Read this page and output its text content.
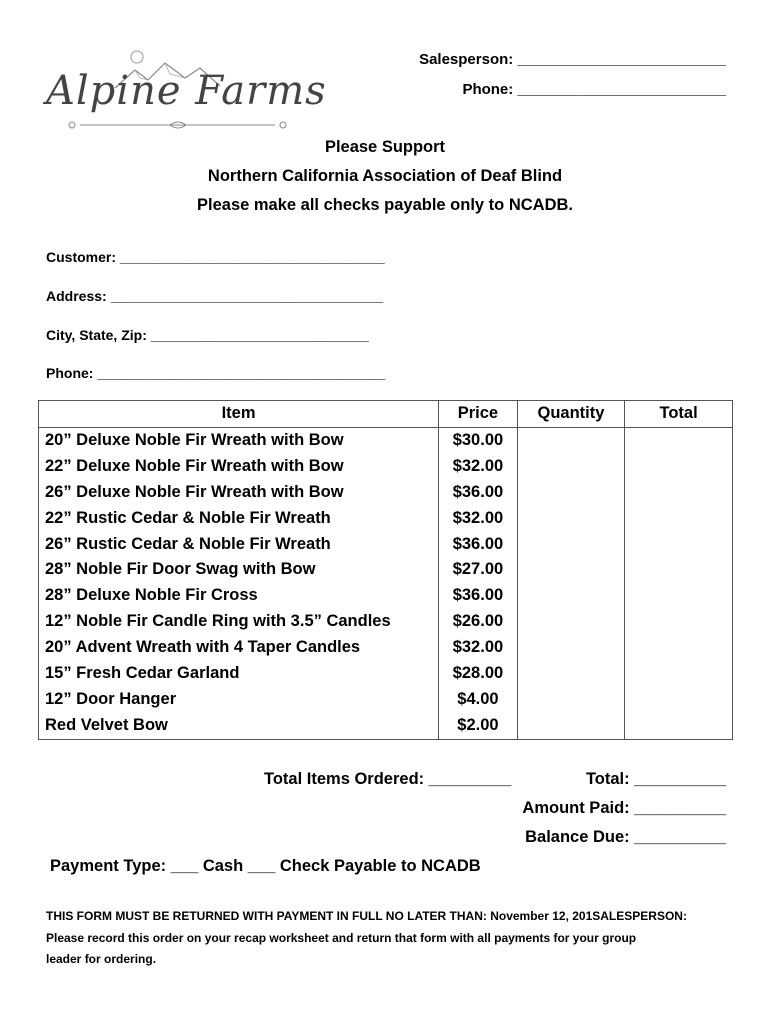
Alpine Farms
Salesperson: _________________________
Phone: _________________________
Please Support
Northern California Association of Deaf Blind
Please make all checks payable only to NCADB.
Customer: __________________________________
Address: ___________________________________
City, State, Zip: ____________________________
Phone: _____________________________________
Item	Price	Quantity	Total
20” Deluxe Noble Fir Wreath with Bow	$30.00		
22” Deluxe Noble Fir Wreath with Bow	$32.00		
26” Deluxe Noble Fir Wreath with Bow	$36.00		
22” Rustic Cedar & Noble Fir Wreath	$32.00		
26” Rustic Cedar & Noble Fir Wreath	$36.00		
28” Noble Fir Door Swag with Bow	$27.00		
28” Deluxe Noble Fir Cross	$36.00		
12” Noble Fir Candle Ring with 3.5” Candles	$26.00		
20” Advent Wreath with 4 Taper Candles	$32.00		
15” Fresh Cedar Garland	$28.00		
12” Door Hanger	$4.00		
Red Velvet Bow	$2.00		
Total Items Ordered: _________	Total: __________
Amount Paid: __________
Balance Due: __________
Payment Type: ___ Cash ___ Check Payable to NCADB
THIS FORM MUST BE RETURNED WITH PAYMENT IN FULL NO LATER THAN: November 12, 201SALESPERSON:
Please record this order on your recap worksheet and return that form with all payments for your group
leader for ordering.
